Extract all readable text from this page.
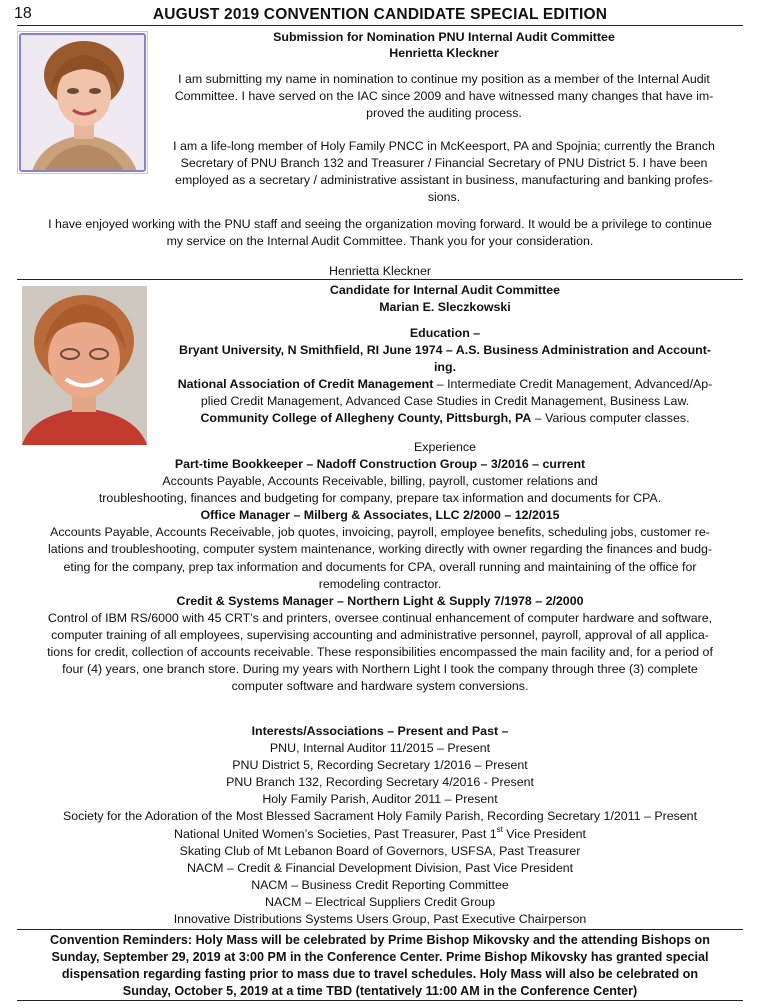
18	AUGUST 2019 CONVENTION CANDIDATE SPECIAL EDITION
Submission for Nomination PNU Internal Audit Committee
Henrietta Kleckner
I am submitting my name in nomination to continue my position as a member of the Internal Audit
Committee. I have served on the IAC since 2009 and have witnessed many changes that have im-
proved the auditing process.
I am a life-long member of Holy Family PNCC in McKeesport, PA and Spojnia; currently the Branch
Secretary of PNU Branch 132 and Treasurer / Financial Secretary of PNU District 5. I have been
employed as a secretary / administrative assistant in business, manufacturing and banking profes-
sions.
I have enjoyed working with the PNU staff and seeing the organization moving forward. It would be a privilege to continue
my service on the Internal Audit Committee. Thank you for your consideration.
Henrietta Kleckner
Candidate for Internal Audit Committee
Marian E. Sleczkowski
Education –
Bryant University, N Smithfield, RI June 1974 – A.S. Business Administration and Account-
ing.
National Association of Credit Management – Intermediate Credit Management, Advanced/Ap-
plied Credit Management, Advanced Case Studies in Credit Management, Business Law.
Community College of Allegheny County, Pittsburgh, PA – Various computer classes.
Experience
Part-time Bookkeeper – Nadoff Construction Group – 3/2016 – current
Accounts Payable, Accounts Receivable, billing, payroll, customer relations and
troubleshooting, finances and budgeting for company, prepare tax information and documents for CPA.
Office Manager – Milberg & Associates, LLC 2/2000 – 12/2015
Accounts Payable, Accounts Receivable, job quotes, invoicing, payroll, employee benefits, scheduling jobs, customer re-
lations and troubleshooting, computer system maintenance, working directly with owner regarding the finances and budg-
eting for the company, prep tax information and documents for CPA, overall running and maintaining of the office for
remodeling contractor.
Credit & Systems Manager – Northern Light & Supply 7/1978 – 2/2000
Control of IBM RS/6000 with 45 CRT’s and printers, oversee continual enhancement of computer hardware and software,
computer training of all employees, supervising accounting and administrative personnel, payroll, approval of all applica-
tions for credit, collection of accounts receivable. These responsibilities encompassed the main facility and, for a period of
four (4) years, one branch store. During my years with Northern Light I took the company through three (3) complete
computer software and hardware system conversions.
Interests/Associations – Present and Past –
PNU, Internal Auditor 11/2015 – Present
PNU District 5, Recording Secretary 1/2016 – Present
PNU Branch 132, Recording Secretary 4/2016 - Present
Holy Family Parish, Auditor 2011 – Present
Society for the Adoration of the Most Blessed Sacrament Holy Family Parish, Recording Secretary 1/2011 – Present
National United Women’s Societies, Past Treasurer, Past 1st Vice President
Skating Club of Mt Lebanon Board of Governors, USFSA, Past Treasurer
NACM – Credit & Financial Development Division, Past Vice President
NACM – Business Credit Reporting Committee
NACM – Electrical Suppliers Credit Group
Innovative Distributions Systems Users Group, Past Executive Chairperson
Convention Reminders: Holy Mass will be celebrated by Prime Bishop Mikovsky and the attending Bishops on
Sunday, September 29, 2019 at 3:00 PM in the Conference Center. Prime Bishop Mikovsky has granted special
dispensation regarding fasting prior to mass due to travel schedules. Holy Mass will also be celebrated on
Sunday, October 5, 2019 at a time TBD (tentatively 11:00 AM in the Conference Center)
